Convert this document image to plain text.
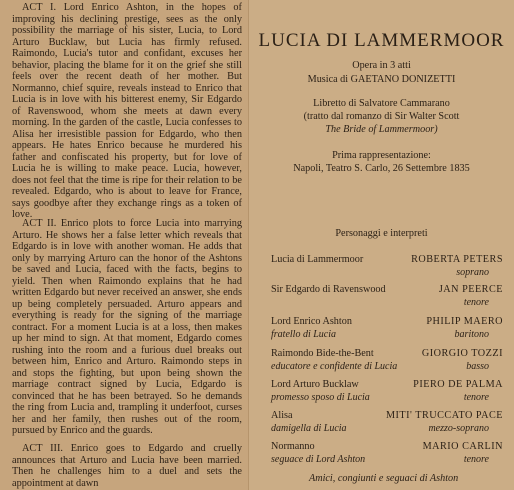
ACT I. Lord Enrico Ashton, in the hopes of improving his declining prestige, sees as the only possibility the marriage of his sister, Lucia, to Lord Arturo Bucklaw, but Lucia has firmly refused. Raimondo, Lucia's tutor and confidant, excuses her behavior, placing the blame for it on the grief she still feels over the recent death of her mother. But Normanno, chief squire, reveals instead to Enrico that Lucia is in love with his bitterest enemy, Sir Edgardo of Ravenswood, whom she meets at dawn every morning. In the garden of the castle, Lucia confesses to Alisa her irresistible passion for Edgardo, who then appears. He hates Enrico because he murdered his father and confiscated his property, but for love of Lucia he is willing to make peace. Lucia, however, does not feel that the time is ripe for their relation to be revealed. Edgardo, who is about to leave for France, says goodbye after they exchange rings as a token of love.

ACT II. Enrico plots to force Lucia into marrying Arturo. He shows her a false letter which reveals that Edgardo is in love with another woman. He adds that only by marrying Arturo can the honor of the Ashtons be saved and Lucia, faced with the facts, begins to yield. Then when Raimondo explains that he had written Edgardo but never received an answer, she ends up being completely persuaded. Arturo appears and everything is ready for the signing of the marriage contract. For a moment Lucia is at a loss, then makes up her mind to sign. At that moment, Edgardo comes rushing into the room and a furious duel breaks out between him, Enrico and Arturo. Raimondo steps in and stops the fighting, but upon being shown the marriage contract signed by Lucia, Edgardo is convinced that he has been betrayed. So he demands the ring from Lucia and, trampling it underfoot, curses her and her family, then rushes out of the room, pursued by Enrico and the guards.

ACT III. Enrico goes to Edgardo and cruelly announces that Arturo and Lucia have been married. Then he challenges him to a duel and sets the appointment at dawn

LUCIA DI LAMMERMOOR
Opera in 3 atti
Musica di GAETANO DONIZETTI
Libretto di Salvatore Cammarano
(tratto dal romanzo di Sir Walter Scott
The Bride of Lammermoor)
Prima rappresentazione:
Napoli, Teatro S. Carlo, 26 Settembre 1835
Personaggi e interpreti
Lucia di Lammermoor	ROBERTA PETERS
soprano
Sir Edgardo di Ravenswood	JAN PEERCE
tenore
Lord Enrico Ashton
fratello di Lucia
PHILIP MAERO
baritono
Raimondo Bide-the-Bent
educatore e confidente di Lucia
GIORGIO TOZZI
basso
Lord Arturo Bucklaw
promesso sposo di Lucia
PIERO DE PALMA
tenore
Alisa
damigella di Lucia
MITI' TRUCCATO PACE
mezzo-soprano
Normanno
seguace di Lord Ashton
MARIO CARLIN
tenore
Amici, congiunti e seguaci di Ashton
